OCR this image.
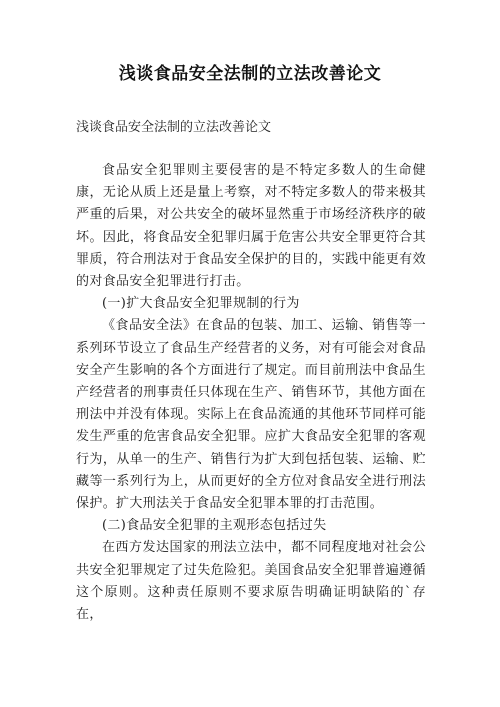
浅谈食品安全法制的立法改善论文

浅谈食品安全法制的立法改善论文

食品安全犯罪则主要侵害的是不特定多数人的生命健康，无论从质上还是量上考察，对不特定多数人的带来极其严重的后果，对公共安全的破坏显然重于市场经济秩序的破坏。因此，将食品安全犯罪归属于危害公共安全罪更符合其罪质，符合刑法对于食品安全保护的目的，实践中能更有效的对食品安全犯罪进行打击。

(一)扩大食品安全犯罪规制的行为

《食品安全法》在食品的包装、加工、运输、销售等一系列环节设立了食品生产经营者的义务，对有可能会对食品安全产生影响的各个方面进行了规定。而目前刑法中食品生产经营者的刑事责任只体现在生产、销售环节，其他方面在刑法中并没有体现。实际上在食品流通的其他环节同样可能发生严重的危害食品安全犯罪。应扩大食品安全犯罪的客观行为，从单一的生产、销售行为扩大到包括包装、运输、贮藏等一系列行为上，从而更好的全方位对食品安全进行刑法保护。扩大刑法关于食品安全犯罪本罪的打击范围。

(二)食品安全犯罪的主观形态包括过失

在西方发达国家的刑法立法中，都不同程度地对社会公共安全犯罪规定了过失危险犯。美国食品安全犯罪普遍遵循这个原则。这种责任原则不要求原告明确证明缺陷的`存在，
